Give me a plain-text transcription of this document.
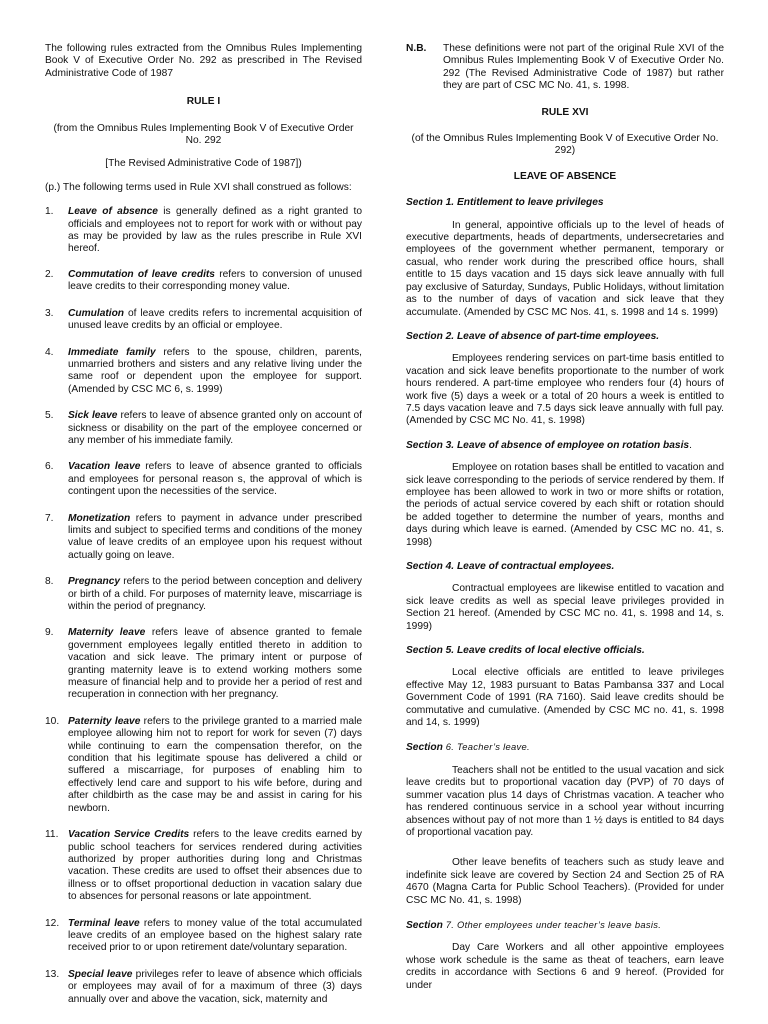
The following rules extracted from the Omnibus Rules Implementing Book V of Executive Order No. 292 as prescribed in The Revised Administrative Code of 1987

RULE I

(from the Omnibus Rules Implementing Book V of Executive Order No. 292

[The Revised Administrative Code of 1987])

(p.) The following terms used in Rule XVI shall construed as follows:

1. Leave of absence is generally defined as a right granted to officials and employees not to report for work with or without pay as may be provided by law as the rules prescribe in Rule XVI hereof.
2. Commutation of leave credits refers to conversion of unused leave credits to their corresponding money value.
3. Cumulation of leave credits refers to incremental acquisition of unused leave credits by an official or employee.
4. Immediate family refers to the spouse, children, parents, unmarried brothers and sisters and any relative living under the same roof or dependent upon the employee for support.(Amended by CSC MC 6, s. 1999)
5. Sick leave refers to leave of absence granted only on account of sickness or disability on the part of the employee concerned or any member of his immediate family.
6. Vacation leave refers to leave of absence granted to officials and employees for personal reason s, the approval of which is contingent upon the necessities of the service.
7. Monetization refers to payment in advance under prescribed limits and subject to specified terms and conditions of the money value of leave credits of an employee upon his request without actually going on leave.
8. Pregnancy refers to the period between conception and delivery or birth of a child. For purposes of maternity leave, miscarriage is within the period of pregnancy.
9. Maternity leave refers leave of absence granted to female government employees legally entitled thereto in addition to vacation and sick leave. The primary intent or purpose of granting maternity leave is to extend working mothers some measure of financial help and to provide her a period of rest and recuperation in connection with her pregnancy.
10. Paternity leave refers to the privilege granted to a married male employee allowing him not to report for work for seven (7) days while continuing to earn the compensation therefor, on the condition that his legitimate spouse has delivered a child or suffered a miscarriage, for purposes of enabling him to effectively lend care and support to his wife before, during and after childbirth as the case may be and assist in caring for his newborn.
11. Vacation Service Credits refers to the leave credits earned by public school teachers for services rendered during activities authorized by proper authorities during long and Christmas vacation. These credits are used to offset their absences due to illness or to offset proportional deduction in vacation salary due to absences for personal reasons or late appointment.
12. Terminal leave refers to money value of the total accumulated leave credits of an employee based on the highest salary rate received prior to or upon retirement date/voluntary separation.
13. Special leave privileges refer to leave of absence which officials or employees may avail of for a maximum of three (3) days annually over and above the vacation, sick, maternity and
N.B. These definitions were not part of the original Rule XVI of the Omnibus Rules Implementing Book V of Executive Order No. 292 (The Revised Administrative Code of 1987) but rather they are part of CSC MC No. 41, s. 1998.

RULE XVI

(of the Omnibus Rules Implementing Book V of Executive Order No. 292)

LEAVE OF ABSENCE

Section 1. Entitlement to leave privileges

In general, appointive officials up to the level of heads of executive departments, heads of departments, undersecretaries and employees of the government whether permanent, temporary or casual, who render work during the prescribed office hours, shall entitle to 15 days vacation and 15 days sick leave annually with full pay exclusive of Saturday, Sundays, Public Holidays, without limitation as to the number of days of vacation and sick leave that they accumulate. (Amended by CSC MC Nos. 41, s. 1998 and 14 s. 1999)

Section 2. Leave of absence of part-time employees.

Employees rendering services on part-time basis entitled to vacation and sick leave benefits proportionate to the number of work hours rendered. A part-time employee who renders four (4) hours of work five (5) days a week or a total of 20 hours a week is entitled to 7.5 days vacation leave and 7.5 days sick leave annually with full pay. (Amended by CSC MC No. 41, s. 1998)

Section 3. Leave of absence of employee on rotation basis.

Employee on rotation bases shall be entitled to vacation and sick leave corresponding to the periods of service rendered by them. If employee has been allowed to work in two or more shifts or rotation, the periods of actual service covered by each shift or rotation should be added together to determine the number of years, months and days during which leave is earned. (Amended by CSC MC no. 41, s. 1998)

Section 4. Leave of contractual employees.

Contractual employees are likewise entitled to vacation and sick leave credits as well as special leave privileges provided in Section 21 hereof. (Amended by CSC MC no. 41, s. 1998 and 14, s. 1999)

Section 5. Leave credits of local elective officials.

Local elective officials are entitled to leave privileges effective May 12, 1983 pursuant to Batas Pambansa 337 and Local Government Code of 1991 (RA 7160). Said leave credits should be commutative and cumulative. (Amended by CSC MC no. 41, s. 1998 and 14, s. 1999)

Section 6. Teacher’s leave.

Teachers shall not be entitled to the usual vacation and sick leave credits but to proportional vacation day (PVP) of 70 days of summer vacation plus 14 days of Christmas vacation. A teacher who has rendered continuous service in a school year without incurring absences without pay of not more than 1 ½ days is entitled to 84 days of proportional vacation pay.

Other leave benefits of teachers such as study leave and indefinite sick leave are covered by Section 24 and Section 25 of RA 4670 (Magna Carta for Public School Teachers). (Provided for under CSC MC No. 41, s. 1998)

Section 7. Other employees under teacher’s leave basis.

Day Care Workers and all other appointive employees whose work schedule is the same as theat of teachers, earn leave credits in accordance with Sections 6 and 9 hereof. (Provided for under
